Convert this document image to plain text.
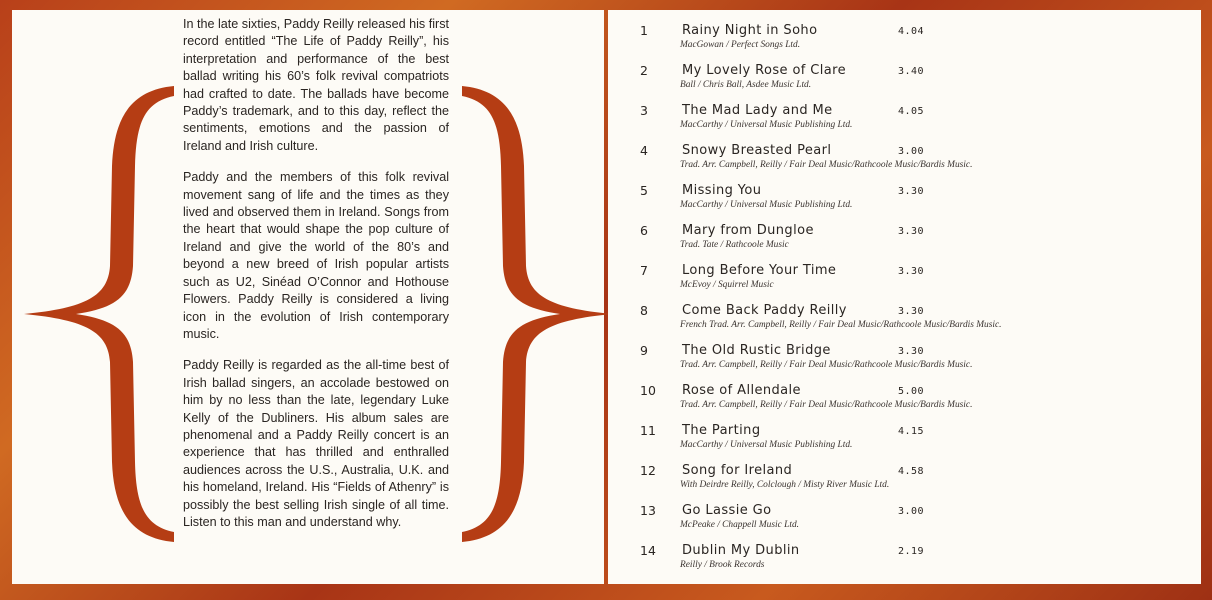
In the late sixties, Paddy Reilly released his first record entitled “The Life of Paddy Reilly”, his interpretation and performance of the best ballad writing his 60’s folk revival compatriots had crafted to date. The ballads have become Paddy’s trademark, and to this day, reflect the sentiments, emotions and the passion of Ireland and Irish culture.

Paddy and the members of this folk revival movement sang of life and the times as they lived and observed them in Ireland. Songs from the heart that would shape the pop culture of Ireland and give the world of the 80’s and beyond a new breed of Irish popular artists such as U2, Sinéad O’Connor and Hothouse Flowers. Paddy Reilly is considered a living icon in the evolution of Irish contemporary music.

Paddy Reilly is regarded as the all-time best of Irish ballad singers, an accolade bestowed on him by no less than the late, legendary Luke Kelly of the Dubliners. His album sales are phenomenal and a Paddy Reilly concert is an experience that has thrilled and enthralled audiences across the U.S., Australia, U.K. and his homeland, Ireland. His “Fields of Athenry” is possibly the best selling Irish single of all time. Listen to this man and understand why.

1	Rainy Night in Soho	4.04
MacGowan / Perfect Songs Ltd.
2	My Lovely Rose of Clare	3.40
Ball / Chris Ball, Asdee Music Ltd.
3	The Mad Lady and Me	4.05
MacCarthy / Universal Music Publishing Ltd.
4	Snowy Breasted Pearl	3.00
Trad. Arr. Campbell, Reilly / Fair Deal Music/Rathcoole Music/Bardis Music.
5	Missing You	3.30
MacCarthy / Universal Music Publishing Ltd.
6	Mary from Dungloe	3.30
Trad. Tate / Rathcoole Music
7	Long Before Your Time	3.30
McEvoy / Squirrel Music
8	Come Back Paddy Reilly	3.30
French Trad. Arr. Campbell, Reilly / Fair Deal Music/Rathcoole Music/Bardis Music.
9	The Old Rustic Bridge	3.30
Trad. Arr. Campbell, Reilly / Fair Deal Music/Rathcoole Music/Bardis Music.
10	Rose of Allendale	5.00
Trad. Arr. Campbell, Reilly / Fair Deal Music/Rathcoole Music/Bardis Music.
11	The Parting	4.15
MacCarthy / Universal Music Publishing Ltd.
12	Song for Ireland	4.58
With Deirdre Reilly, Colclough / Misty River Music Ltd.
13	Go Lassie Go	3.00
McPeake / Chappell Music Ltd.
14	Dublin My Dublin	2.19
Reilly / Brook Records
